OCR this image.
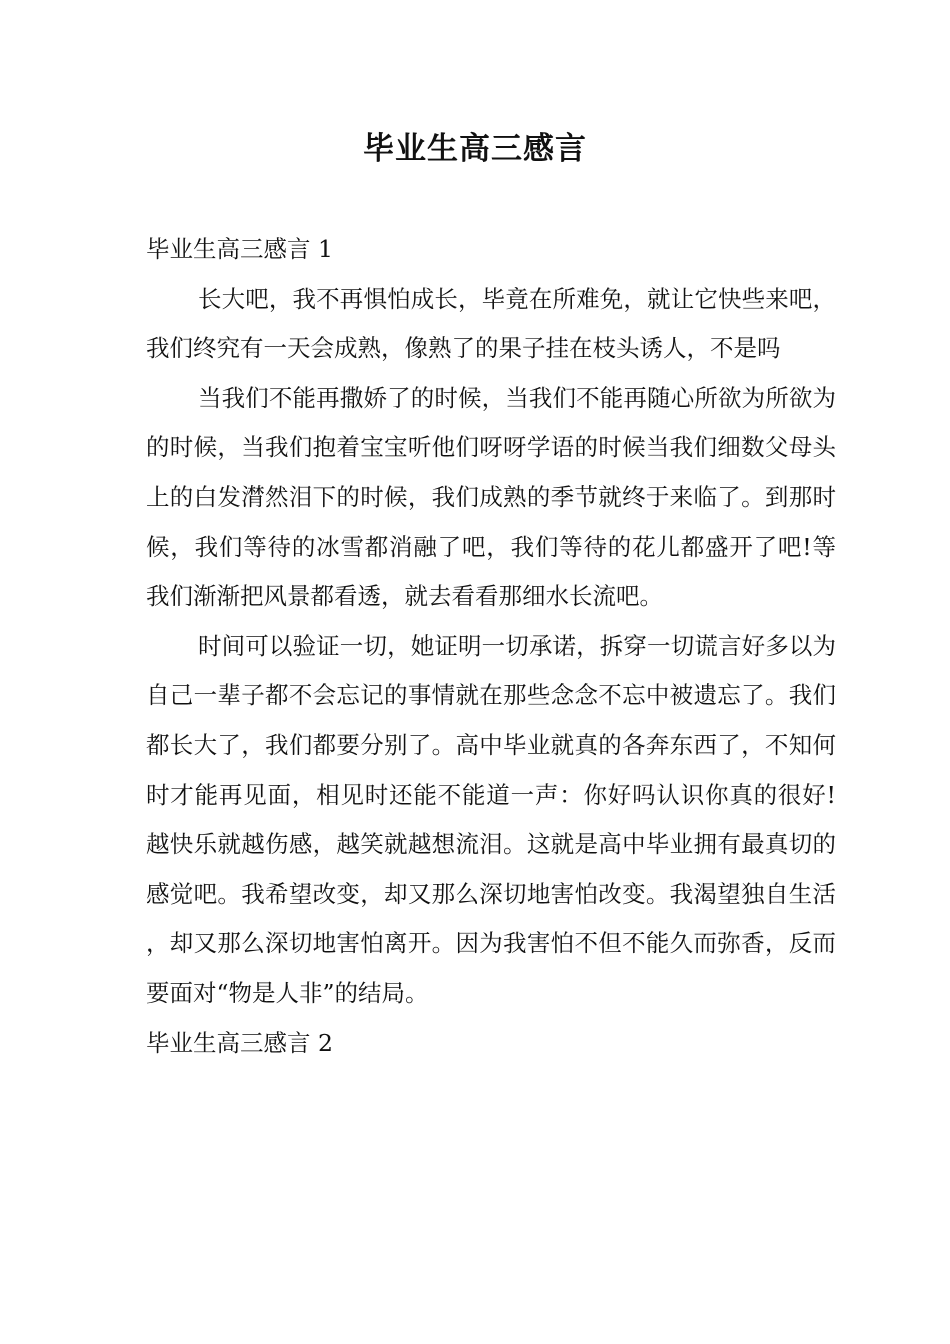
毕业生高三感言
毕业生高三感言 1

长大吧，我不再惧怕成长，毕竟在所难免，就让它快些来吧，我们终究有一天会成熟，像熟了的果子挂在枝头诱人，不是吗

当我们不能再撒娇了的时候，当我们不能再随心所欲为所欲为的时候，当我们抱着宝宝听他们呀呀学语的时候当我们细数父母头上的白发潸然泪下的时候，我们成熟的季节就终于来临了。到那时候，我们等待的冰雪都消融了吧，我们等待的花儿都盛开了吧!等我们渐渐把风景都看透，就去看看那细水长流吧。

时间可以验证一切，她证明一切承诺，拆穿一切谎言好多以为自己一辈子都不会忘记的事情就在那些念念不忘中被遗忘了。我们都长大了，我们都要分别了。高中毕业就真的各奔东西了，不知何时才能再见面，相见时还能不能道一声：你好吗认识你真的很好!越快乐就越伤感，越笑就越想流泪。这就是高中毕业拥有最真切的感觉吧。我希望改变，却又那么深切地害怕改变。我渴望独自生活，却又那么深切地害怕离开。因为我害怕不但不能久而弥香，反而要面对“物是人非”的结局。

毕业生高三感言 2
